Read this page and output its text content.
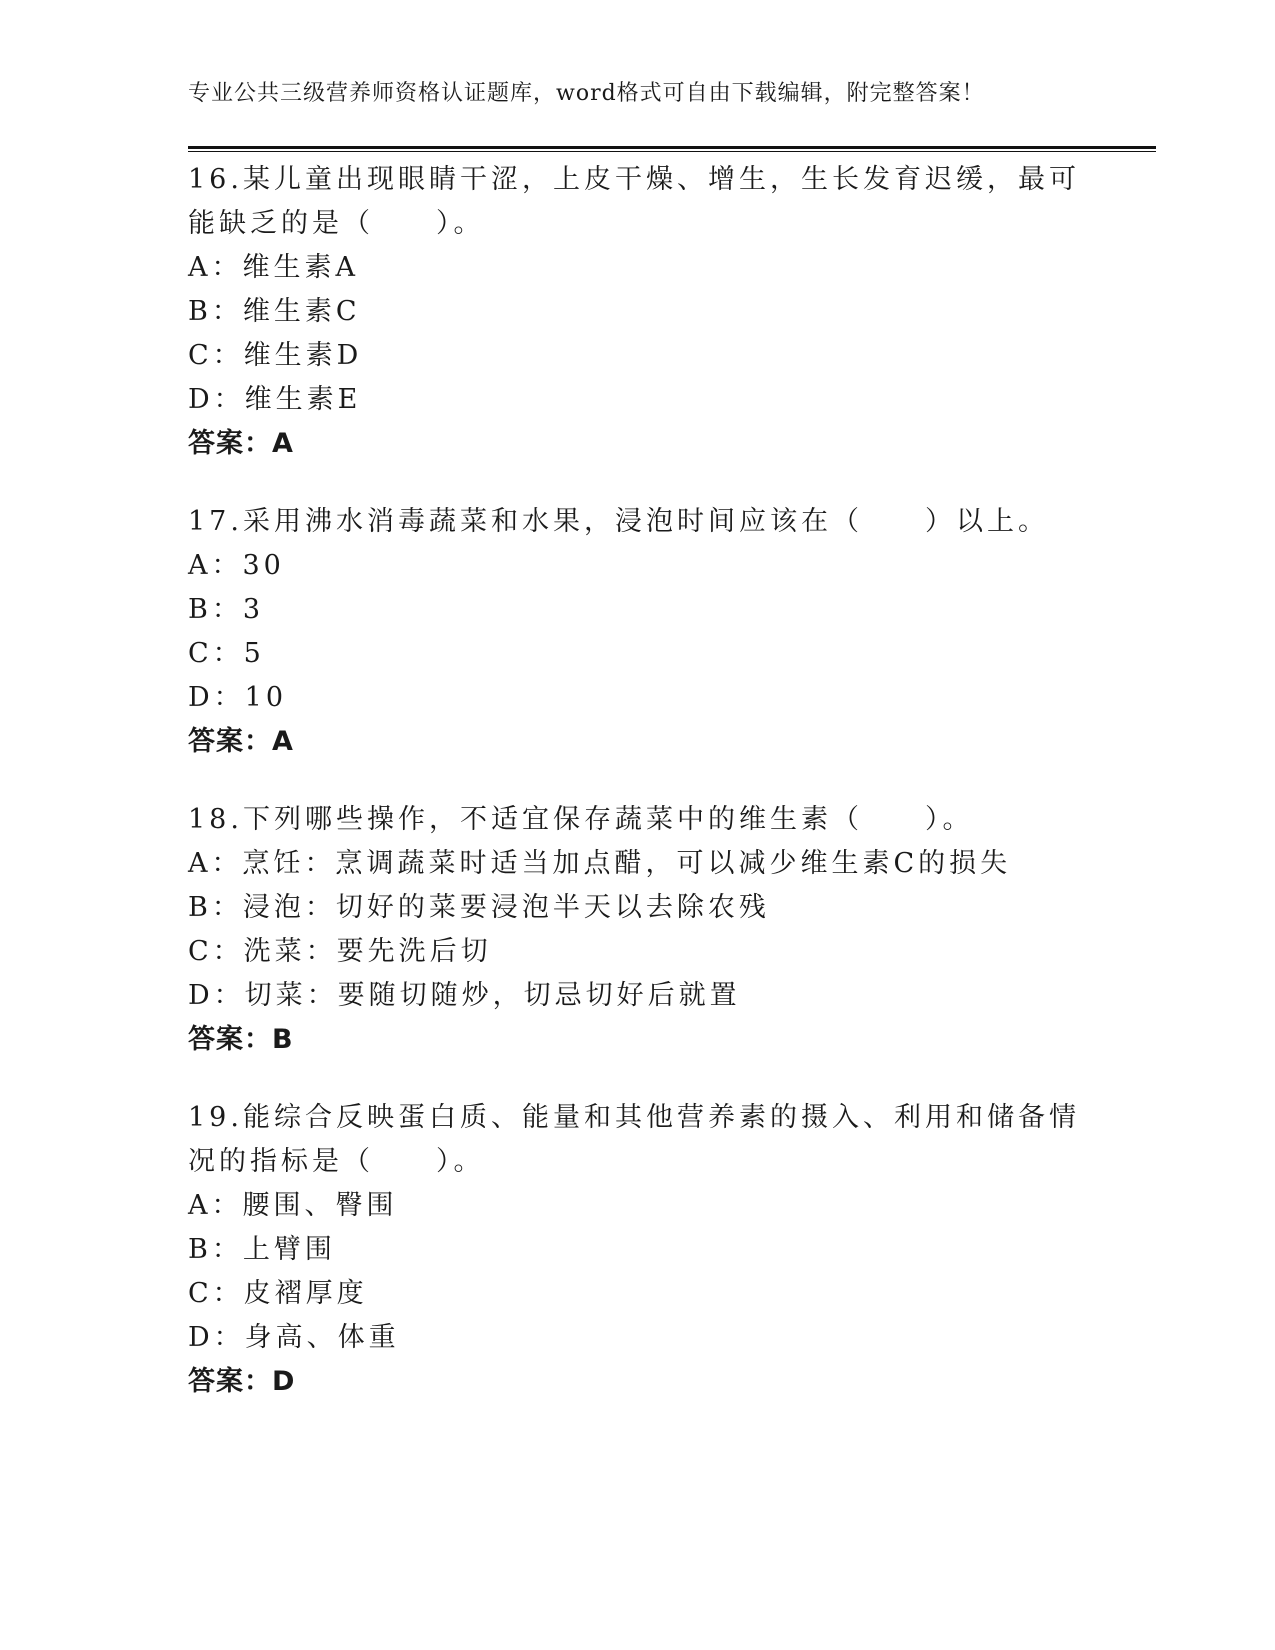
专业公共三级营养师资格认证题库，word格式可自由下载编辑，附完整答案！
16.某儿童出现眼睛干涩，上皮干燥、增生，生长发育迟缓，最可能缺乏的是（　　）。
A：维生素A
B：维生素C
C：维生素D
D：维生素E
答案：A
17.采用沸水消毒蔬菜和水果，浸泡时间应该在（　　）以上。
A：30
B：3
C：5
D：10
答案：A
18.下列哪些操作，不适宜保存蔬菜中的维生素（　　）。
A：烹饪：烹调蔬菜时适当加点醋，可以减少维生素C的损失
B：浸泡：切好的菜要浸泡半天以去除农残
C：洗菜：要先洗后切
D：切菜：要随切随炒，切忌切好后就置
答案：B
19.能综合反映蛋白质、能量和其他营养素的摄入、利用和储备情况的指标是（　　）。
A：腰围、臀围
B：上臂围
C：皮褶厚度
D：身高、体重
答案：D
